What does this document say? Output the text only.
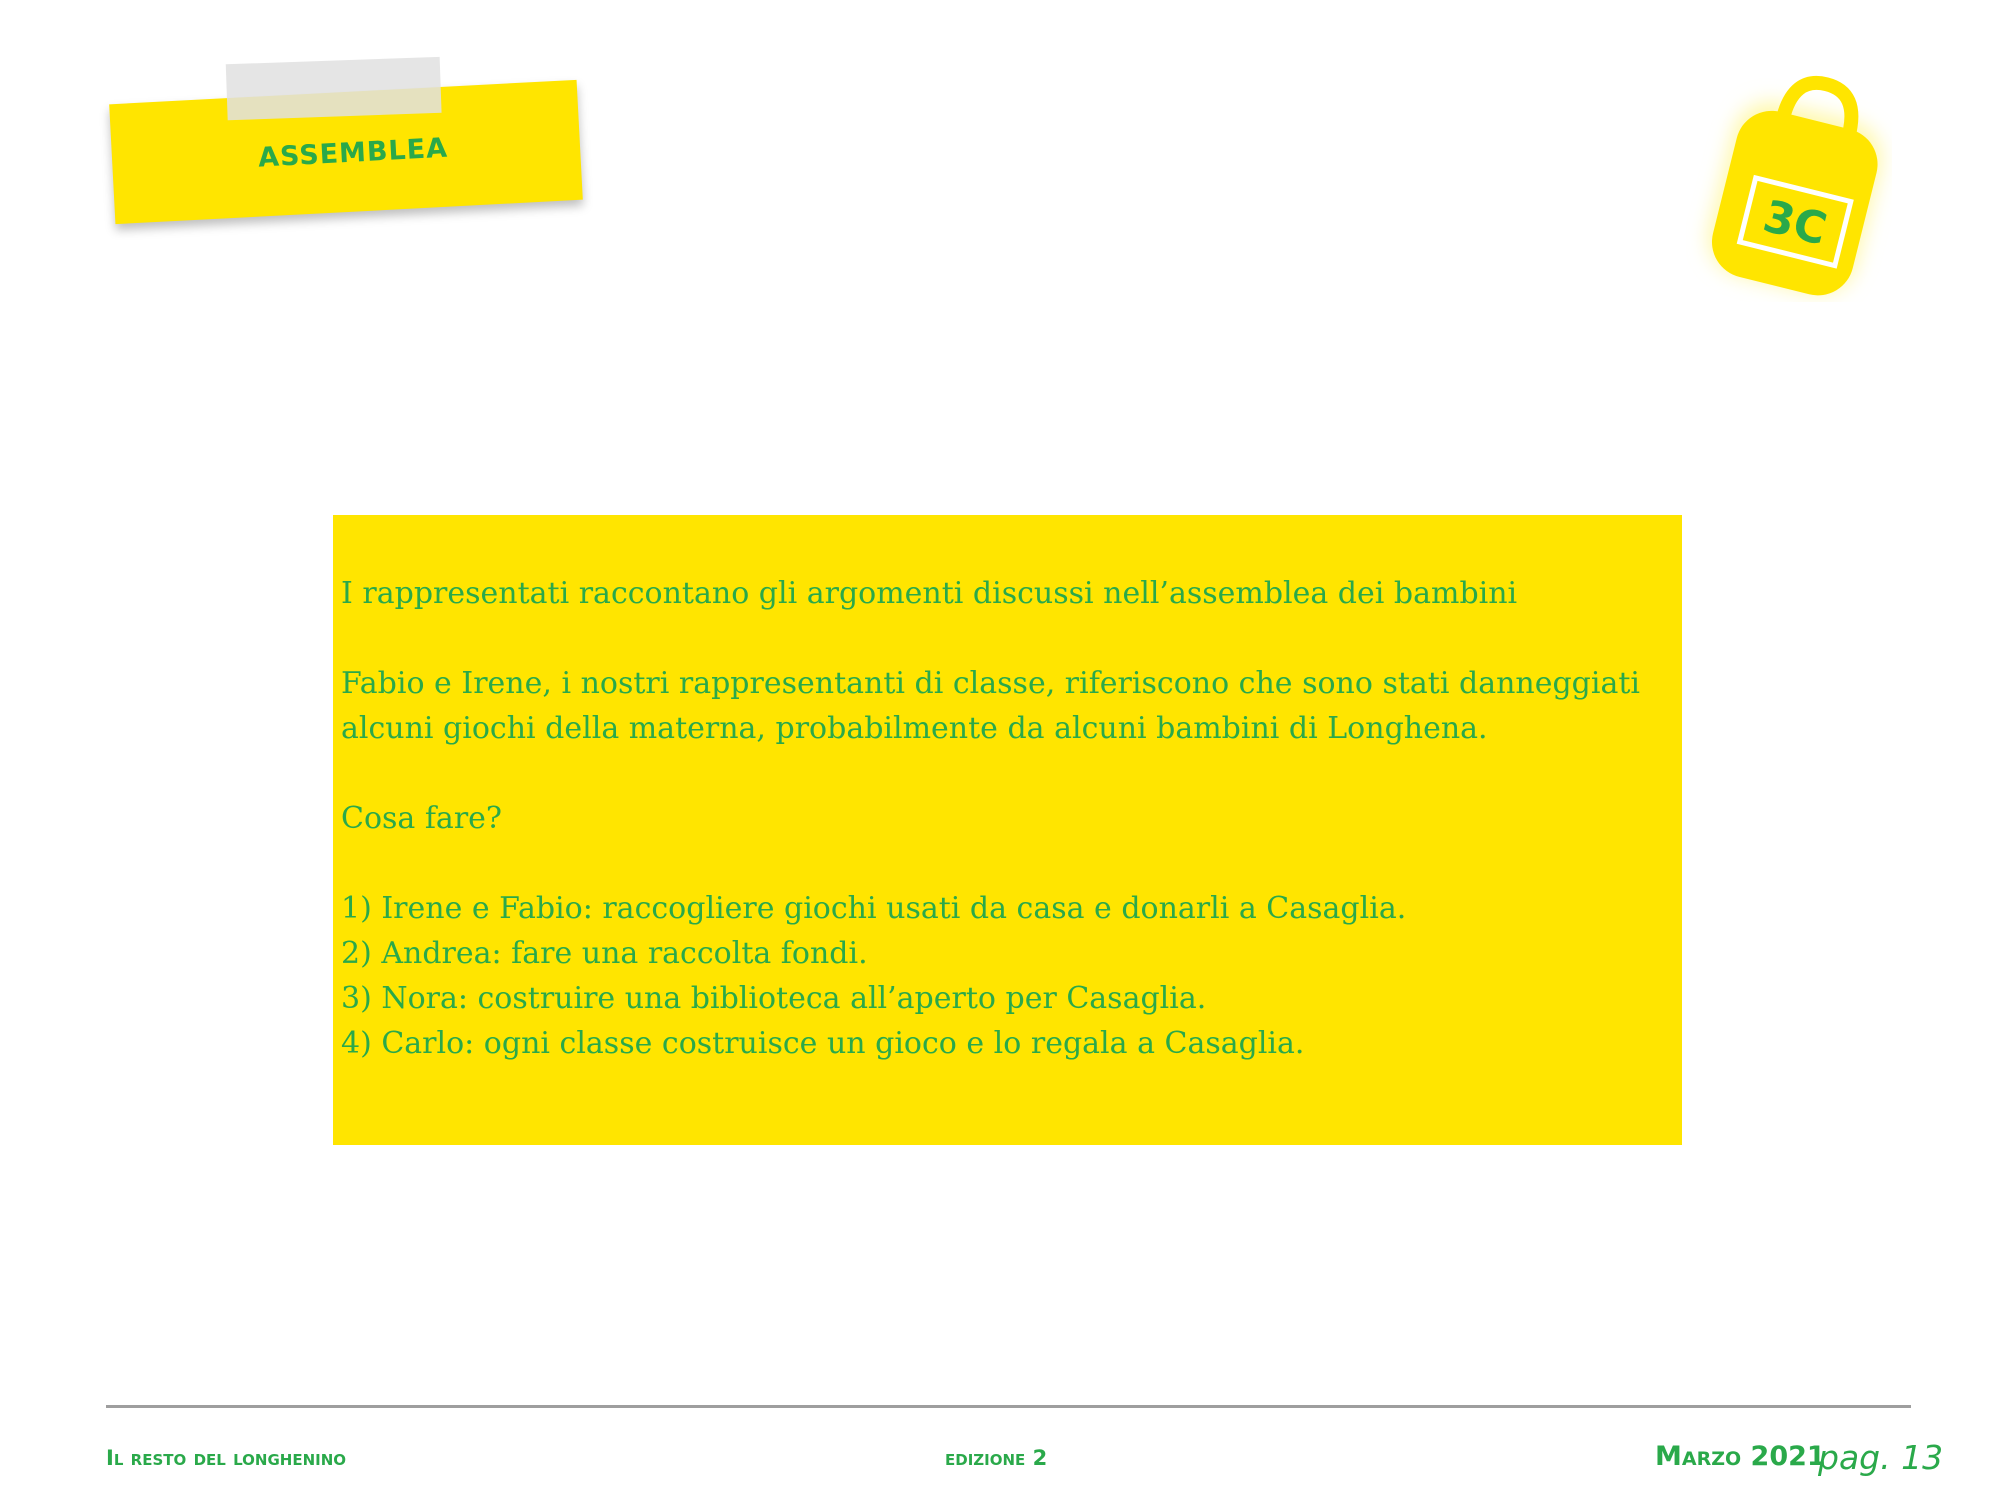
ASSEMBLEA
3C

I rappresentati raccontano gli argomenti discussi nell’assemblea dei bambini

Fabio e Irene, i nostri rappresentanti di classe, riferiscono che sono stati danneggiati alcuni giochi della materna, probabilmente da alcuni bambini di Longhena.

Cosa fare?

1) Irene e Fabio: raccogliere giochi usati da casa e donarli a Casaglia.
2) Andrea: fare una raccolta fondi.
3) Nora: costruire una biblioteca all’aperto per Casaglia.
4) Carlo: ogni classe costruisce un gioco e lo regala a Casaglia.
Il resto del longhenino	edizione 2	Marzo 2021
pag. 13
